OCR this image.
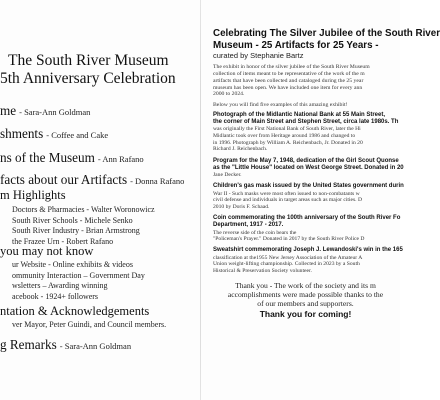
The South River Museum
5th Anniversary Celebration
me - Sara-Ann Goldman
shments - Coffee and Cake
ns of the Museum - Ann Rafano
facts about our Artifacts - Donna Rafano
m Highlights
Doctors & Pharmacies - Walter Woronowicz
South River Schools - Michele Senko
South River Industry - Brian Armstrong
the Frazee Urn - Robert Rafano
you may not know
ur Website - Online exhibits & videos
ommunity Interaction – Government Day
wsletters – Awarding winning
acebook - 1924+ followers
ntation & Acknowledgements
ver Mayor, Peter Guindi, and Council members.
g Remarks - Sara-Ann Goldman
Celebrating The Silver Jubilee of the South River
Museum - 25 Artifacts for 25 Years -
curated by Stephanie Bartz
The exhibit in honor of the silver jubilee of the South River Museum
collection of items meant to be representative of the work of the m
artifacts that have been collected and cataloged during the 25 year
museum has been open. We have included one item for every ann
2000 to 2024.
Below you will find five examples of this amazing exhibit!
Photograph of the Midlantic National Bank at 55 Main Street,
the corner of Main Street and Stephen Street, circa late 1980s. Th
was originally the First National Bank of South River, later the Hi
Midlantic took over from Heritage around 1986 and changed to
in 1996. Photograph by William A. Reichenbach, Jr. Donated in 20
Richard J. Reichenbach.
Program for the May 7, 1948, dedication of the Girl Scout Quonse
as the "Little House" located on West George Street. Donated in 20
Jane Decker.
Children's gas mask issued by the United States government durin
War II - Such masks were most often issued to non-combatants w
civil defense and individuals in target areas such as major cities. D
2010 by Doris F. Schaad.
Coin commemorating the 100th anniversary of the South River Fo
Department, 1917 - 2017.
The reverse side of the coin bears the
"Policeman's Prayer." Donated in 2017 by the South River Police D
Sweatshirt commemorating Joseph J. Lewandoski's win in the 165
classification at the1955 New Jersey Association of the Amateur A
Union weight-lifting championship. Collected in 2023 by a South
Historical & Preservation Society volunteer.
Thank you - The work of the society and its m
accomplishments were made possible thanks to the
of our members and supporters.
Thank you for coming!
